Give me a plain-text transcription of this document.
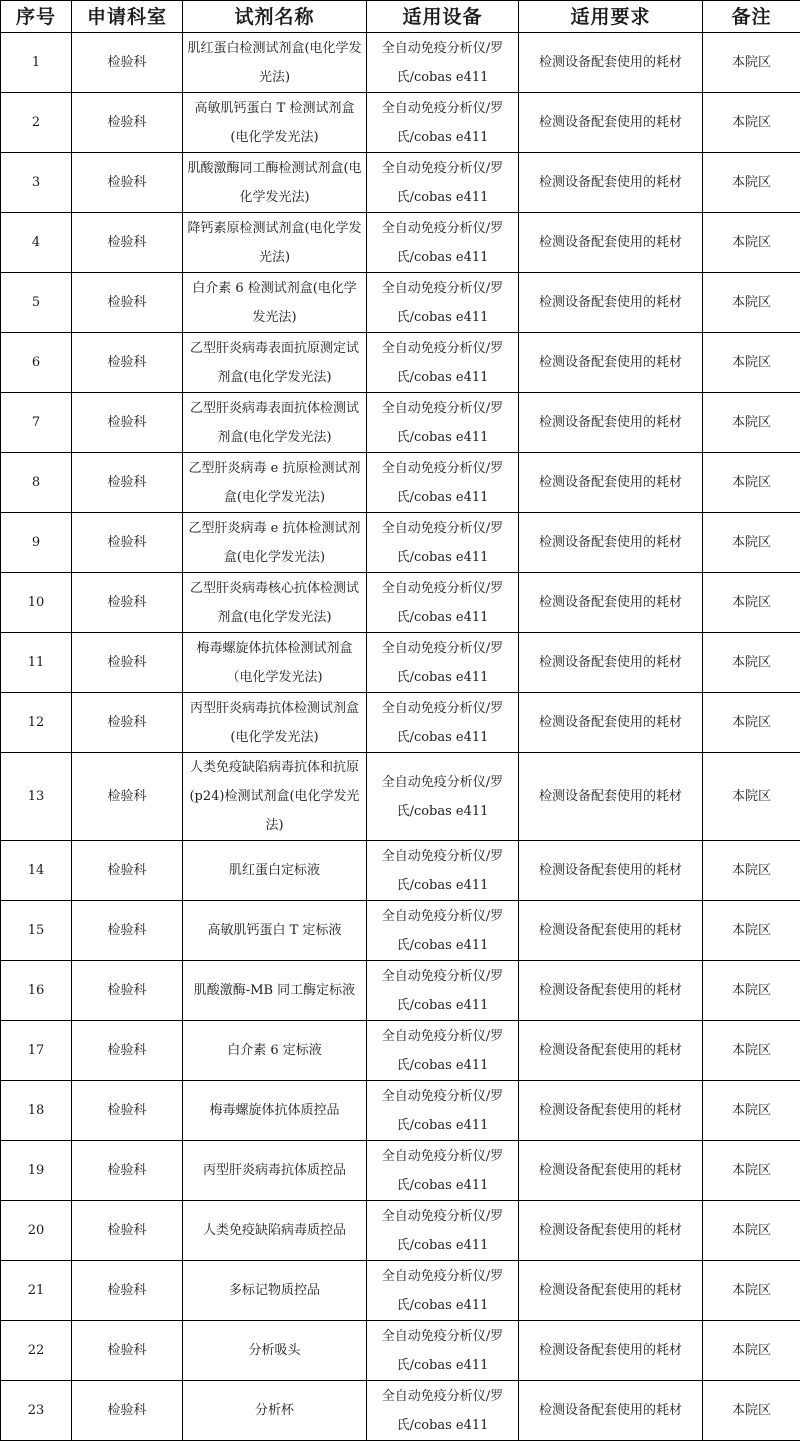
序号	申请科室	试剂名称	适用设备	适用要求	备注
1	检验科	肌红蛋白检测试剂盒(电化学发光法)	全自动免疫分析仪/罗氏/cobas e411	检测设备配套使用的耗材	本院区
2	检验科	高敏肌钙蛋白 T 检测试剂盒(电化学发光法)	全自动免疫分析仪/罗氏/cobas e411	检测设备配套使用的耗材	本院区
3	检验科	肌酸激酶同工酶检测试剂盒(电化学发光法)	全自动免疫分析仪/罗氏/cobas e411	检测设备配套使用的耗材	本院区
4	检验科	降钙素原检测试剂盒(电化学发光法)	全自动免疫分析仪/罗氏/cobas e411	检测设备配套使用的耗材	本院区
5	检验科	白介素 6 检测试剂盒(电化学发光法)	全自动免疫分析仪/罗氏/cobas e411	检测设备配套使用的耗材	本院区
6	检验科	乙型肝炎病毒表面抗原测定试剂盒(电化学发光法)	全自动免疫分析仪/罗氏/cobas e411	检测设备配套使用的耗材	本院区
7	检验科	乙型肝炎病毒表面抗体检测试剂盒(电化学发光法)	全自动免疫分析仪/罗氏/cobas e411	检测设备配套使用的耗材	本院区
8	检验科	乙型肝炎病毒 e 抗原检测试剂盒(电化学发光法)	全自动免疫分析仪/罗氏/cobas e411	检测设备配套使用的耗材	本院区
9	检验科	乙型肝炎病毒 e 抗体检测试剂盒(电化学发光法)	全自动免疫分析仪/罗氏/cobas e411	检测设备配套使用的耗材	本院区
10	检验科	乙型肝炎病毒核心抗体检测试剂盒(电化学发光法)	全自动免疫分析仪/罗氏/cobas e411	检测设备配套使用的耗材	本院区
11	检验科	梅毒螺旋体抗体检测试剂盒（电化学发光法)	全自动免疫分析仪/罗氏/cobas e411	检测设备配套使用的耗材	本院区
12	检验科	丙型肝炎病毒抗体检测试剂盒(电化学发光法)	全自动免疫分析仪/罗氏/cobas e411	检测设备配套使用的耗材	本院区
13	检验科	人类免疫缺陷病毒抗体和抗原(p24)检测试剂盒(电化学发光法)	全自动免疫分析仪/罗氏/cobas e411	检测设备配套使用的耗材	本院区
14	检验科	肌红蛋白定标液	全自动免疫分析仪/罗氏/cobas e411	检测设备配套使用的耗材	本院区
15	检验科	高敏肌钙蛋白 T 定标液	全自动免疫分析仪/罗氏/cobas e411	检测设备配套使用的耗材	本院区
16	检验科	肌酸激酶-MB 同工酶定标液	全自动免疫分析仪/罗氏/cobas e411	检测设备配套使用的耗材	本院区
17	检验科	白介素 6 定标液	全自动免疫分析仪/罗氏/cobas e411	检测设备配套使用的耗材	本院区
18	检验科	梅毒螺旋体抗体质控品	全自动免疫分析仪/罗氏/cobas e411	检测设备配套使用的耗材	本院区
19	检验科	丙型肝炎病毒抗体质控品	全自动免疫分析仪/罗氏/cobas e411	检测设备配套使用的耗材	本院区
20	检验科	人类免疫缺陷病毒质控品	全自动免疫分析仪/罗氏/cobas e411	检测设备配套使用的耗材	本院区
21	检验科	多标记物质控品	全自动免疫分析仪/罗氏/cobas e411	检测设备配套使用的耗材	本院区
22	检验科	分析吸头	全自动免疫分析仪/罗氏/cobas e411	检测设备配套使用的耗材	本院区
23	检验科	分析杯	全自动免疫分析仪/罗氏/cobas e411	检测设备配套使用的耗材	本院区
